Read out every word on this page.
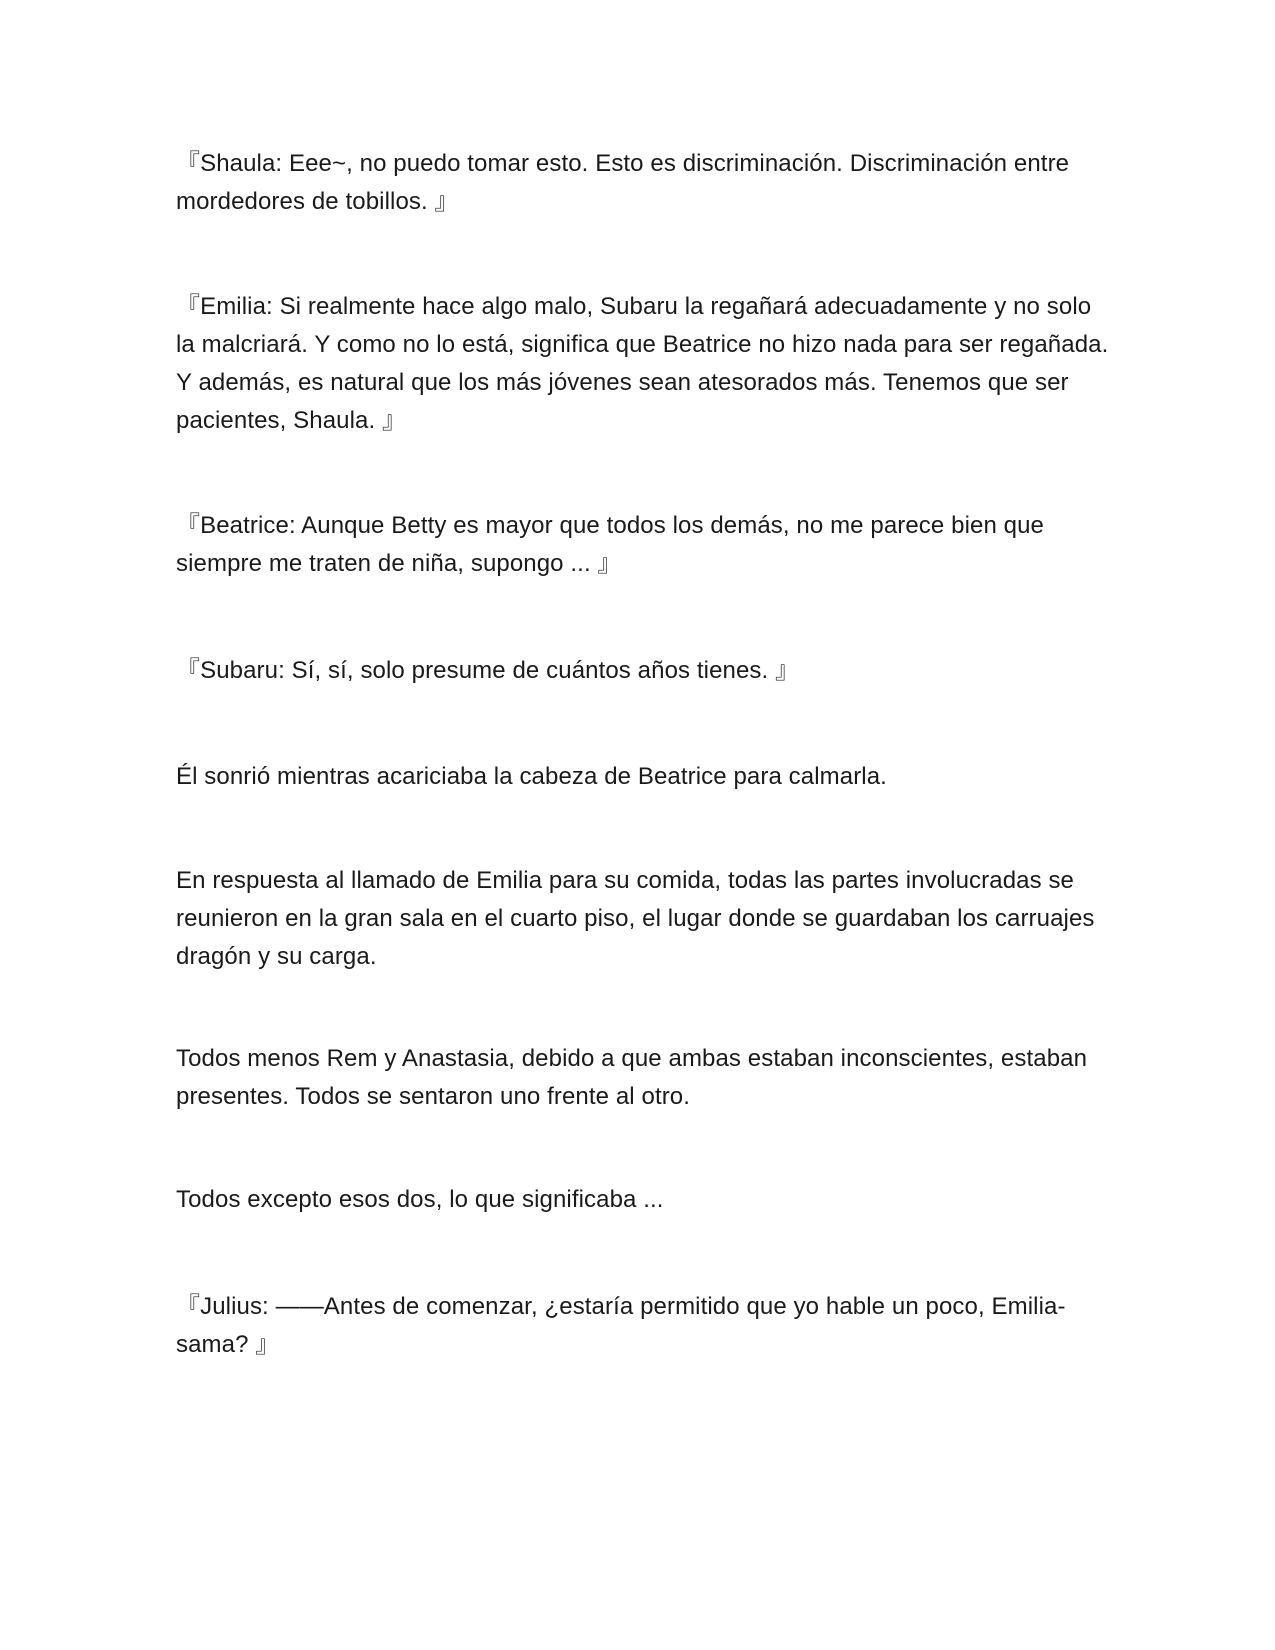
『Shaula: Eee~, no puedo tomar esto. Esto es discriminación. Discriminación entre mordedores de tobillos. 』

『Emilia: Si realmente hace algo malo, Subaru la regañará adecuadamente y no solo la malcriará. Y como no lo está, significa que Beatrice no hizo nada para ser regañada. Y además, es natural que los más jóvenes sean atesorados más. Tenemos que ser pacientes, Shaula. 』

『Beatrice: Aunque Betty es mayor que todos los demás, no me parece bien que siempre me traten de niña, supongo ... 』

『Subaru: Sí, sí, solo presume de cuántos años tienes. 』

Él sonrió mientras acariciaba la cabeza de Beatrice para calmarla.

En respuesta al llamado de Emilia para su comida, todas las partes involucradas se reunieron en la gran sala en el cuarto piso, el lugar donde se guardaban los carruajes dragón y su carga.

Todos menos Rem y Anastasia, debido a que ambas estaban inconscientes, estaban presentes. Todos se sentaron uno frente al otro.

Todos excepto esos dos, lo que significaba ...

『Julius: ——Antes de comenzar, ¿estaría permitido que yo hable un poco, Emilia-sama? 』
